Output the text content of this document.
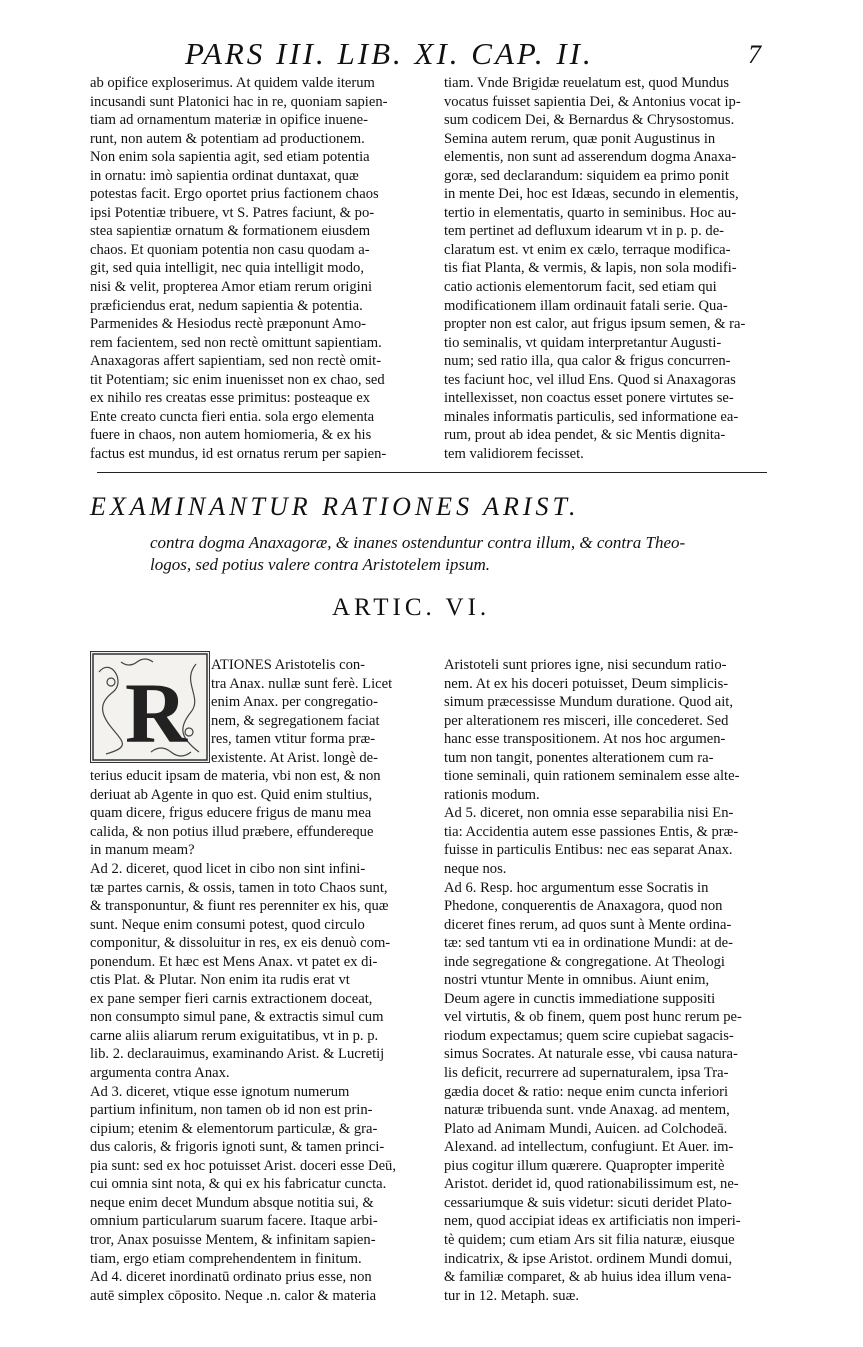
PARS III. LIB. XI. CAP. II.	7
ab opifice exploserimus. At quidem valde iterum
incusandi sunt Platonici hac in re, quoniam sapien-
tiam ad ornamentum materiæ in opifice inuene-
runt, non autem & potentiam ad productionem.
Non enim sola sapientia agit, sed etiam potentia
in ornatu: imò sapientia ordinat duntaxat, quæ
potestas facit. Ergo oportet prius factionem chaos
ipsi Potentiæ tribuere, vt S. Patres faciunt, & po-
stea sapientiæ ornatum & formationem eiusdem
chaos. Et quoniam potentia non casu quodam a-
git, sed quia intelligit, nec quia intelligit modo,
nisi & velit, propterea Amor etiam rerum origini
præficiendus erat, nedum sapientia & potentia.
Parmenides & Hesiodus rectè præponunt Amo-
rem facientem, sed non rectè omittunt sapientiam.
Anaxagoras affert sapientiam, sed non rectè omit-
tit Potentiam; sic enim inuenisset non ex chao, sed
ex nihilo res creatas esse primitus: posteaque ex
Ente creato cuncta fieri entia. sola ergo elementa
fuere in chaos, non autem homiomeria, & ex his
factus est mundus, id est ornatus rerum per sapien-
tiam. Vnde Brigidæ reuelatum est, quod Mundus
vocatus fuisset sapientia Dei, & Antonius vocat ip-
sum codicem Dei, & Bernardus & Chrysostomus.
Semina autem rerum, quæ ponit Augustinus in
elementis, non sunt ad asserendum dogma Anaxa-
goræ, sed declarandum: siquidem ea primo ponit
in mente Dei, hoc est Idæas, secundo in elementis,
tertio in elementatis, quarto in seminibus. Hoc au-
tem pertinet ad defluxum idearum vt in p. p. de-
claratum est. vt enim ex cælo, terraque modifica-
tis fiat Planta, & vermis, & lapis, non sola modifi-
catio actionis elementorum facit, sed etiam qui
modificationem illam ordinauit fatali serie. Qua-
propter non est calor, aut frigus ipsum semen, & ra-
tio seminalis, vt quidam interpretantur Augusti-
num; sed ratio illa, qua calor & frigus concurren-
tes faciunt hoc, vel illud Ens. Quod si Anaxagoras
intellexisset, non coactus esset ponere virtutes se-
minales informatis particulis, sed informatione ea-
rum, prout ab idea pendet, & sic Mentis dignita-
tem validiorem fecisset.
EXAMINANTUR RATIONES ARIST.
contra dogma Anaxagoræ, & inanes ostenduntur contra illum, & contra Theo-
logos, sed potius valere contra Aristotelem ipsum.
ARTIC. VI.
R	ATIONES Aristotelis con-
tra Anax. nullæ sunt ferè. Licet
enim Anax. per congregatio-
nem, & segregationem faciat
res, tamen vtitur forma præ-
existente. At Arist. longè de-
terius educit ipsam de materia, vbi non est, & non
deriuat ab Agente in quo est. Quid enim stultius,
quam dicere, frigus educere frigus de manu mea
calida, & non potius illud præbere, effundereque
in manum meam?
Ad 2. diceret, quod licet in cibo non sint infini-
tæ partes carnis, & ossis, tamen in toto Chaos sunt,
& transponuntur, & fiunt res perenniter ex his, quæ
sunt. Neque enim consumi potest, quod circulo
componitur, & dissoluitur in res, ex eis denuò com-
ponendum. Et hæc est Mens Anax. vt patet ex di-
ctis Plat. & Plutar. Non enim ita rudis erat vt
ex pane semper fieri carnis extractionem doceat,
non consumpto simul pane, & extractis simul cum
carne aliis aliarum rerum exiguitatibus, vt in p. p.
lib. 2. declarauimus, examinando Arist. & Lucretij
argumenta contra Anax.
Ad 3. diceret, vtique esse ignotum numerum
partium infinitum, non tamen ob id non est prin-
cipium; etenim & elementorum particulæ, & gra-
dus caloris, & frigoris ignoti sunt, & tamen princi-
pia sunt: sed ex hoc potuisset Arist. doceri esse Deū,
cui omnia sint nota, & qui ex his fabricatur cuncta.
neque enim decet Mundum absque notitia sui, &
omnium particularum suarum facere. Itaque arbi-
tror, Anax posuisse Mentem, & infinitam sapien-
tiam, ergo etiam comprehendentem in finitum.
Ad 4. diceret inordinatū ordinato prius esse, non
autē simplex cōposito. Neque .n. calor & materia
Aristoteli sunt priores igne, nisi secundum ratio-
nem. At ex his doceri potuisset, Deum simplicis-
simum præcessisse Mundum duratione. Quod ait,
per alterationem res misceri, ille concederet. Sed
hanc esse transpositionem. At nos hoc argumen-
tum non tangit, ponentes alterationem cum ra-
tione seminali, quin rationem seminalem esse alte-
rationis modum.
Ad 5. diceret, non omnia esse separabilia nisi En-
tia: Accidentia autem esse passiones Entis, & præ-
fuisse in particulis Entibus: nec eas separat Anax.
neque nos.
Ad 6. Resp. hoc argumentum esse Socratis in
Phedone, conquerentis de Anaxagora, quod non
diceret fines rerum, ad quos sunt à Mente ordina-
tæ: sed tantum vti ea in ordinatione Mundi: at de-
inde segregatione & congregatione. At Theologi
nostri vtuntur Mente in omnibus. Aiunt enim,
Deum agere in cunctis immediatione suppositi
vel virtutis, & ob finem, quem post hunc rerum pe-
riodum expectamus; quem scire cupiebat sagacis-
simus Socrates. At naturale esse, vbi causa natura-
lis deficit, recurrere ad supernaturalem, ipsa Tra-
gædia docet & ratio: neque enim cuncta inferiori
naturæ tribuenda sunt. vnde Anaxag. ad mentem,
Plato ad Animam Mundi, Auicen. ad Colchodeā.
Alexand. ad intellectum, confugiunt. Et Auer. im-
pius cogitur illum quærere. Quapropter imperitè
Aristot. deridet id, quod rationabilissimum est, ne-
cessariumque & suis videtur: sicuti deridet Plato-
nem, quod accipiat ideas ex artificiatis non imperi-
tè quidem; cum etiam Ars sit filia naturæ, eiusque
indicatrix, & ipse Aristot. ordinem Mundi domui,
& familiæ comparet, & ab huius idea illum vena-
tur in 12. Metaph. suæ.
